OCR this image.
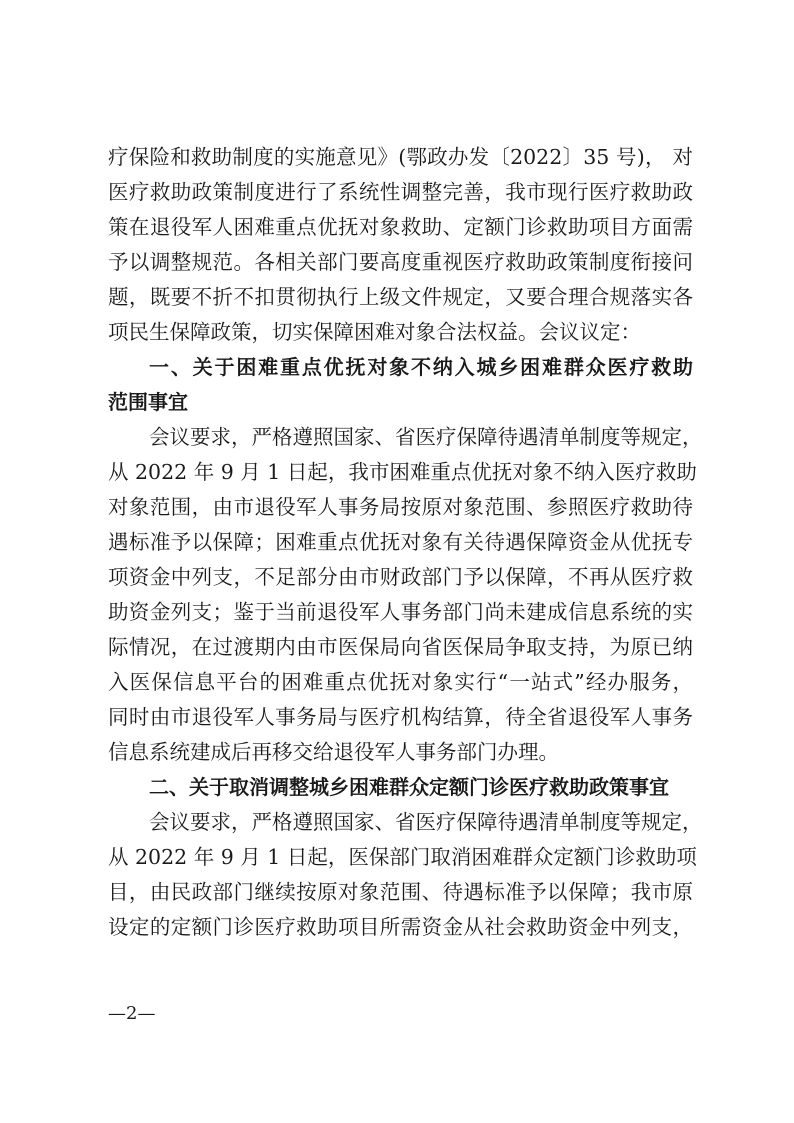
疗保险和救助制度的实施意见》(鄂政办发〔2022〕35 号)， 对
医疗救助政策制度进行了系统性调整完善，我市现行医疗救助政
策在退役军人困难重点优抚对象救助、定额门诊救助项目方面需
予以调整规范。各相关部门要高度重视医疗救助政策制度衔接问
题，既要不折不扣贯彻执行上级文件规定，又要合理合规落实各
项民生保障政策，切实保障困难对象合法权益。会议议定：
一、关于困难重点优抚对象不纳入城乡困难群众医疗救助
范围事宜
会议要求，严格遵照国家、省医疗保障待遇清单制度等规定，
从 2022 年 9 月 1 日起，我市困难重点优抚对象不纳入医疗救助
对象范围，由市退役军人事务局按原对象范围、参照医疗救助待
遇标准予以保障；困难重点优抚对象有关待遇保障资金从优抚专
项资金中列支，不足部分由市财政部门予以保障，不再从医疗救
助资金列支；鉴于当前退役军人事务部门尚未建成信息系统的实
际情况，在过渡期内由市医保局向省医保局争取支持，为原已纳
入医保信息平台的困难重点优抚对象实行“一站式”经办服务，
同时由市退役军人事务局与医疗机构结算，待全省退役军人事务
信息系统建成后再移交给退役军人事务部门办理。
二、关于取消调整城乡困难群众定额门诊医疗救助政策事宜
会议要求，严格遵照国家、省医疗保障待遇清单制度等规定，
从 2022 年 9 月 1 日起，医保部门取消困难群众定额门诊救助项
目，由民政部门继续按原对象范围、待遇标准予以保障；我市原
设定的定额门诊医疗救助项目所需资金从社会救助资金中列支，
—2—
